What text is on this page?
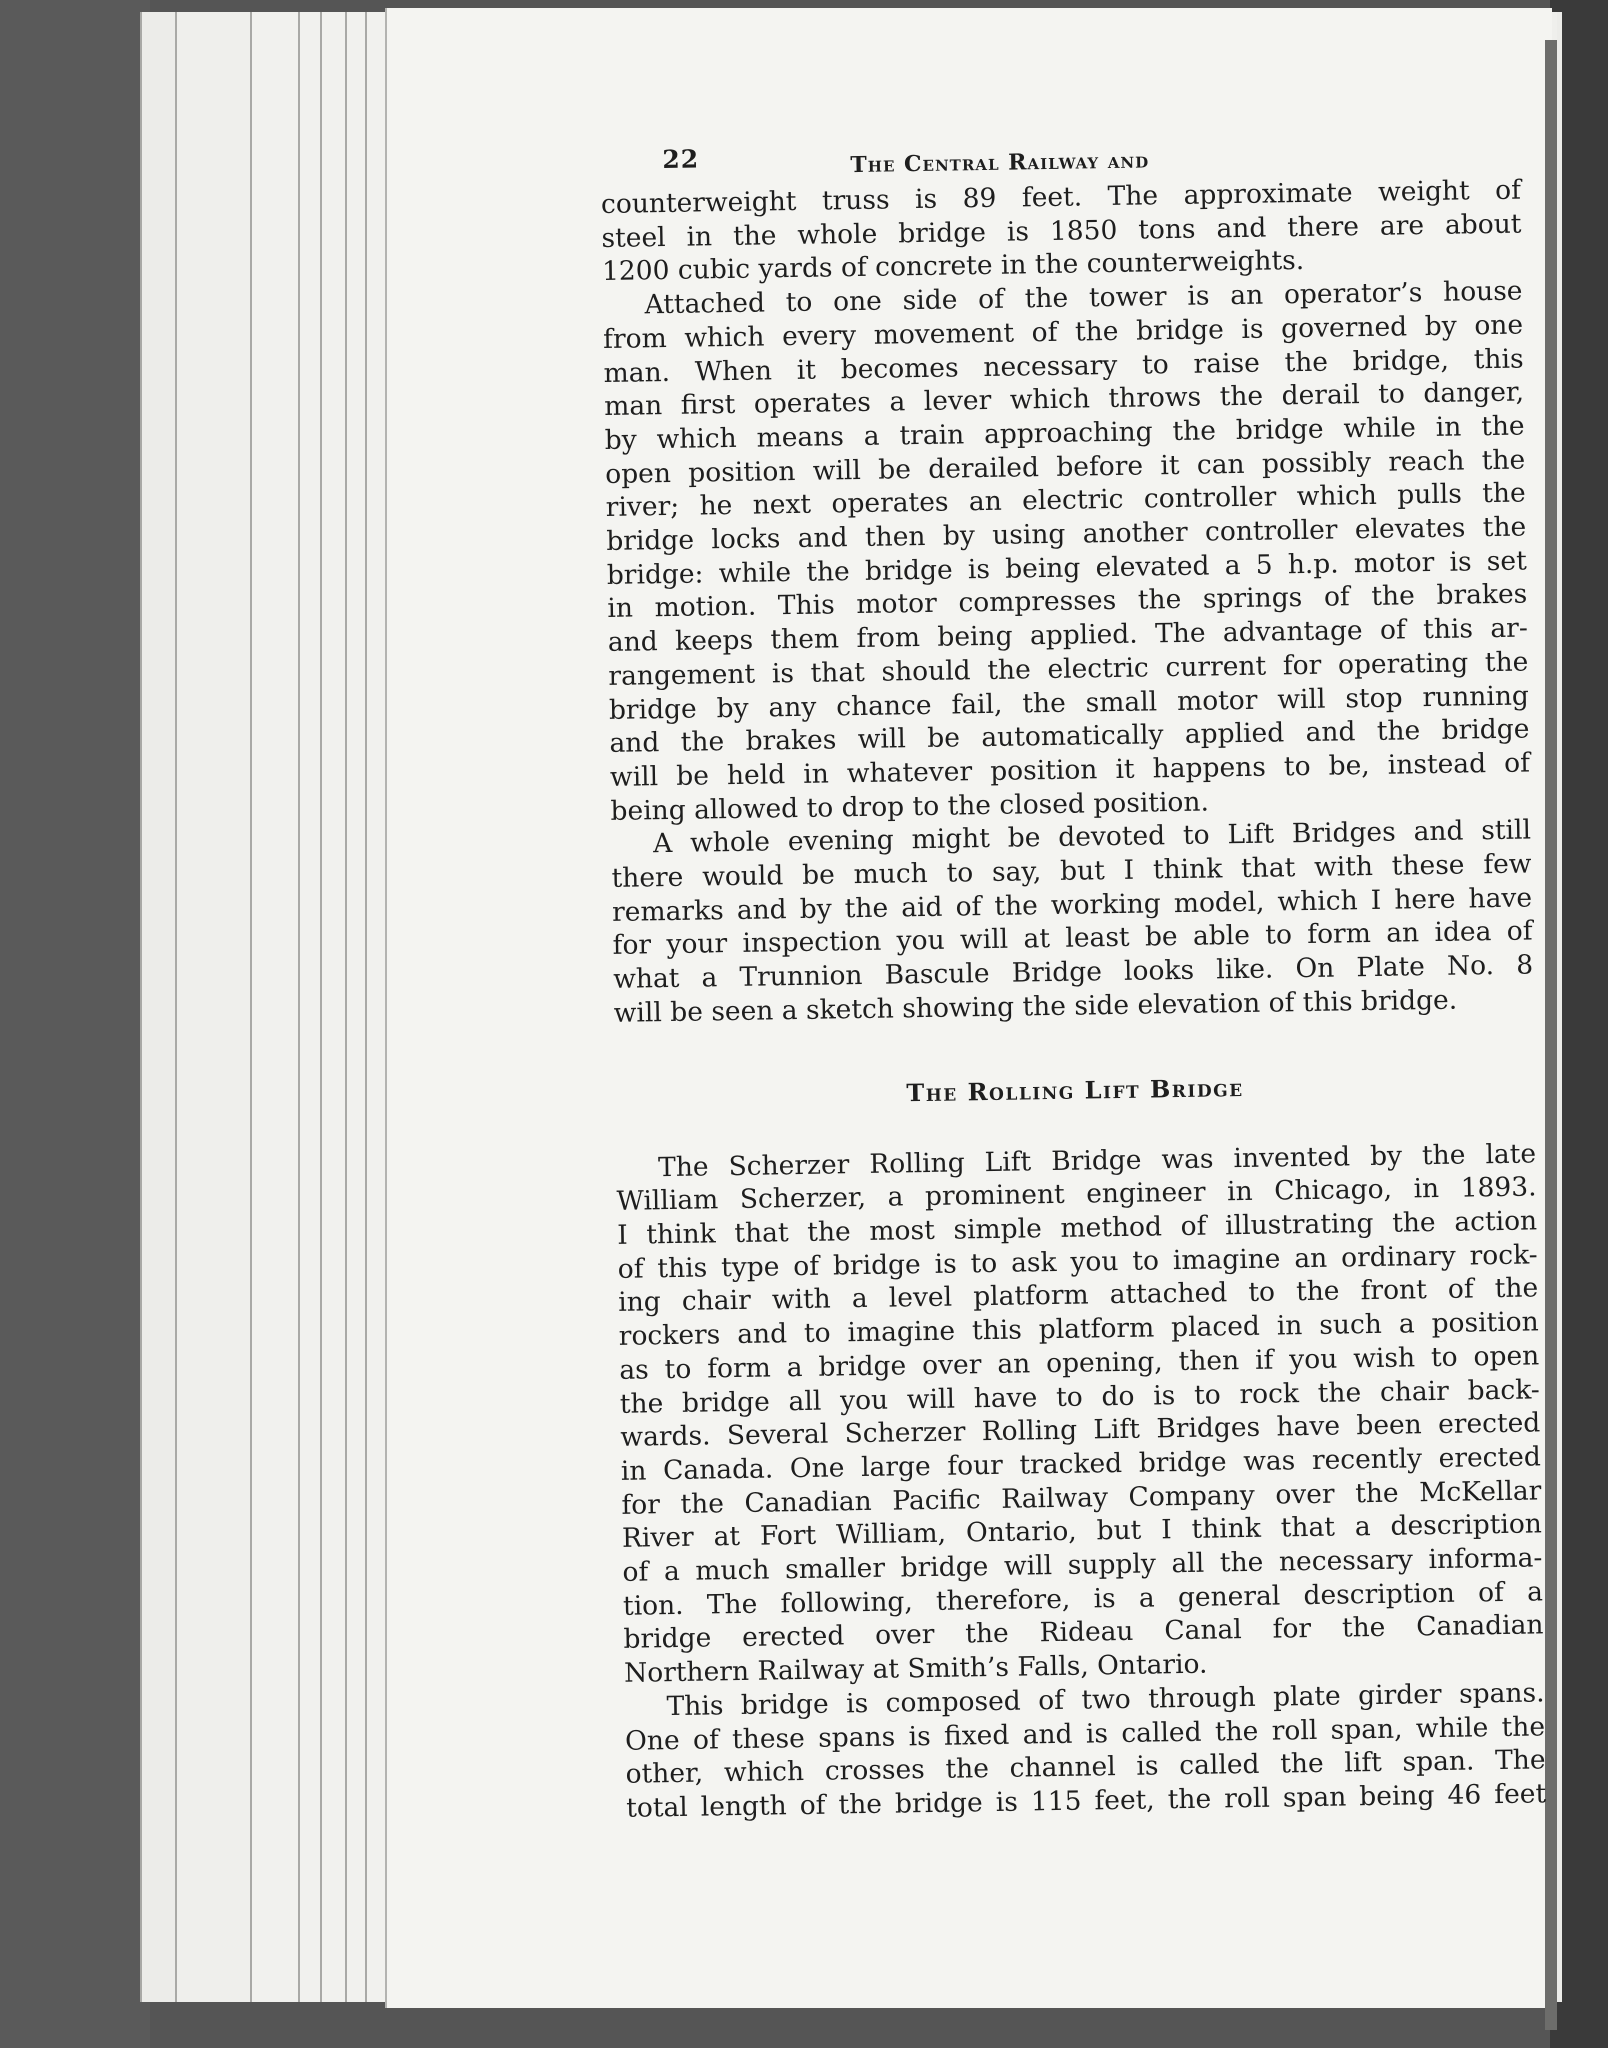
22	The Central Railway and

counterweight truss is 89 feet. The approximate weight of
steel in the whole bridge is 1850 tons and there are about
1200 cubic yards of concrete in the counterweights.

Attached to one side of the tower is an operator’s house
from which every movement of the bridge is governed by one
man. When it becomes necessary to raise the bridge, this
man first operates a lever which throws the derail to danger,
by which means a train approaching the bridge while in the
open position will be derailed before it can possibly reach the
river; he next operates an electric controller which pulls the
bridge locks and then by using another controller elevates the
bridge: while the bridge is being elevated a 5 h.p. motor is set
in motion. This motor compresses the springs of the brakes
and keeps them from being applied. The advantage of this ar-
rangement is that should the electric current for operating the
bridge by any chance fail, the small motor will stop running
and the brakes will be automatically applied and the bridge
will be held in whatever position it happens to be, instead of
being allowed to drop to the closed position.

A whole evening might be devoted to Lift Bridges and still
there would be much to say, but I think that with these few
remarks and by the aid of the working model, which I here have
for your inspection you will at least be able to form an idea of
what a Trunnion Bascule Bridge looks like. On Plate No. 8
will be seen a sketch showing the side elevation of this bridge.

The Rolling Lift Bridge

The Scherzer Rolling Lift Bridge was invented by the late
William Scherzer, a prominent engineer in Chicago, in 1893.
I think that the most simple method of illustrating the action
of this type of bridge is to ask you to imagine an ordinary rock-
ing chair with a level platform attached to the front of the
rockers and to imagine this platform placed in such a position
as to form a bridge over an opening, then if you wish to open
the bridge all you will have to do is to rock the chair back-
wards. Several Scherzer Rolling Lift Bridges have been erected
in Canada. One large four tracked bridge was recently erected
for the Canadian Pacific Railway Company over the McKellar
River at Fort William, Ontario, but I think that a description
of a much smaller bridge will supply all the necessary informa-
tion. The following, therefore, is a general description of a
bridge erected over the Rideau Canal for the Canadian
Northern Railway at Smith’s Falls, Ontario.

This bridge is composed of two through plate girder spans.
One of these spans is fixed and is called the roll span, while the
other, which crosses the channel is called the lift span. The
total length of the bridge is 115 feet, the roll span being 46 feet
